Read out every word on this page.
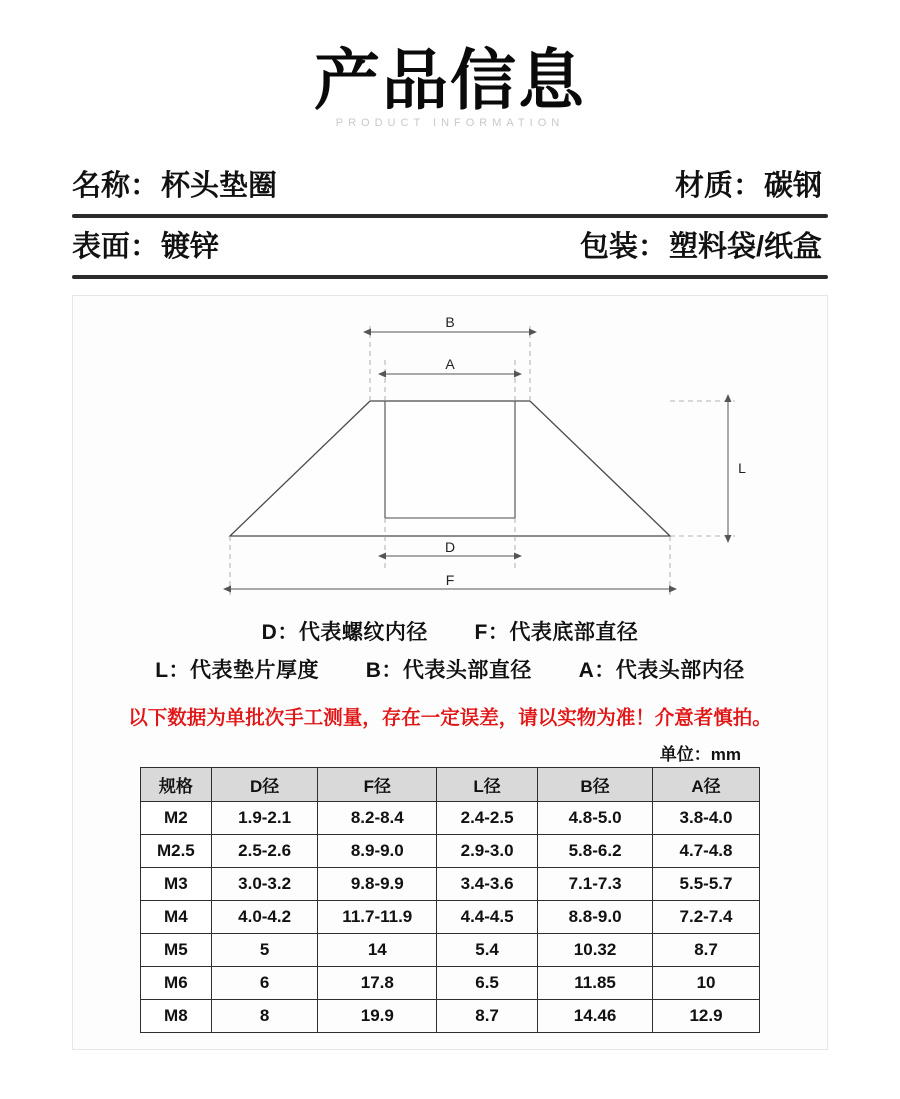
产品信息
PRODUCT INFORMATION
名称： 杯头垫圈	材质： 碳钢
表面： 镀锌	包装： 塑料袋/纸盒
B
A
L
D
F
D：代表螺纹内径 F：代表底部直径
L：代表垫片厚度 B：代表头部直径 A：代表头部内径
以下数据为单批次手工测量，存在一定误差，请以实物为准！介意者慎拍。
单位：mm
规格	D径	F径	L径	B径	A径
M2	1.9-2.1	8.2-8.4	2.4-2.5	4.8-5.0	3.8-4.0
M2.5	2.5-2.6	8.9-9.0	2.9-3.0	5.8-6.2	4.7-4.8
M3	3.0-3.2	9.8-9.9	3.4-3.6	7.1-7.3	5.5-5.7
M4	4.0-4.2	11.7-11.9	4.4-4.5	8.8-9.0	7.2-7.4
M5	5	14	5.4	10.32	8.7
M6	6	17.8	6.5	11.85	10
M8	8	19.9	8.7	14.46	12.9
